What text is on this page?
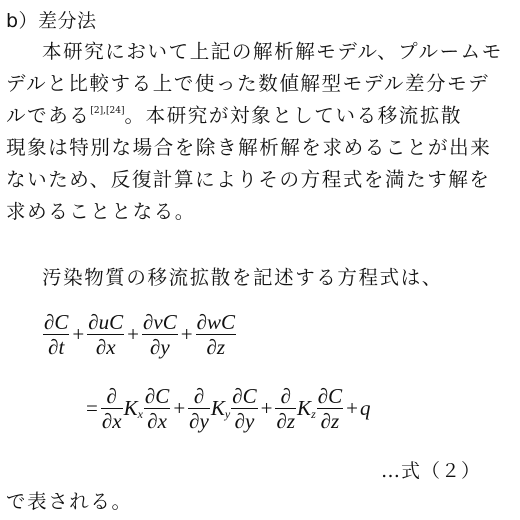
b）差分法
本研究において上記の解析解モデル、プルームモ
デルと比較する上で使った数値解型モデル差分モデ
ルである[2],[24]。本研究が対象としている移流拡散
現象は特別な場合を除き解析解を求めることが出来
ないため、反復計算によりその方程式を満たす解を
求めることとなる。
汚染物質の移流拡散を記述する方程式は、
$\frac{\partial C}{\partial t} + \frac{\partial uC}{\partial x} + \frac{\partial vC}{\partial y} + \frac{\partial wC}{\partial z}$
= $\frac{\partial}{\partial x} K_x \frac{\partial C}{\partial x} + \frac{\partial}{\partial y} K_y \frac{\partial C}{\partial y} + \frac{\partial}{\partial z} K_z \frac{\partial C}{\partial z} +q$
…式（２）
で表される。
